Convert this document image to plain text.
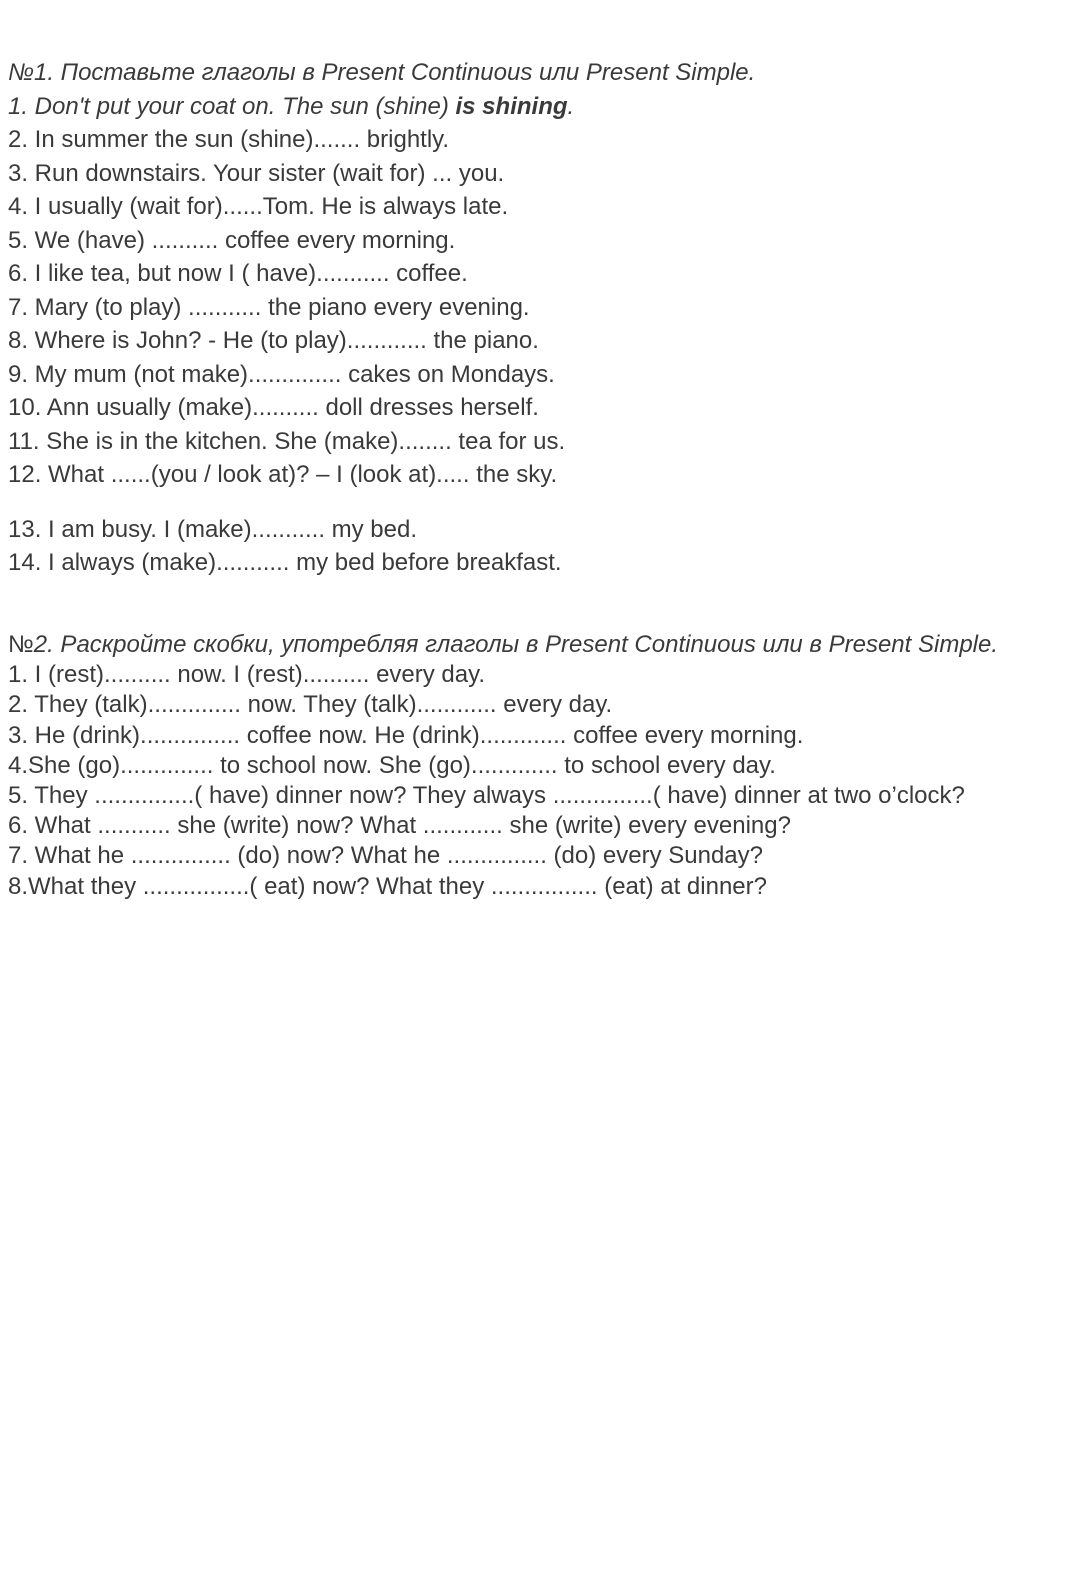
№1. Поставьте глаголы в Present Continuous или Present Simple.
1. Don't put your coat on. The sun (shine) is shining.
2. In summer the sun (shine)....... brightly.
3. Run downstairs. Your sister (wait for) ... you.
4. I usually (wait for)......Tom. He is always late.
5. We (have) .......... coffee every morning.
6. I like tea, but now I ( have)........... coffee.
7. Mary (to play) ........... the piano every evening.
8. Where is John? - He (to play)............ the piano.
9. My mum (not make).............. cakes on Mondays.
10. Ann usually (make).......... doll dresses herself.
11. She is in the kitchen. She (make)........ tea for us.
12. What ......(you / look at)? – I (look at)..... the sky.
13. I am busy. I (make)........... my bed.
14. I always (make)........... my bed before breakfast.
№2. Раскройте скобки, употребляя глаголы в Present Continuous или в Present Simple.
1. I (rest).......... now. I (rest).......... every day.
2. They (talk).............. now. They (talk)............ every day.
3. He (drink)............... coffee now. He (drink)............. coffee every morning.
4.She (go).............. to school now. She (go)............. to school every day.
5. They ...............( have) dinner now? They always ...............( have) dinner at two o’clock?
6. What ........... she (write) now? What ............ she (write) every evening?
7. What he ............... (do) now? What he ............... (do) every Sunday?
8.What they ................( eat) now? What they ................ (eat) at dinner?
